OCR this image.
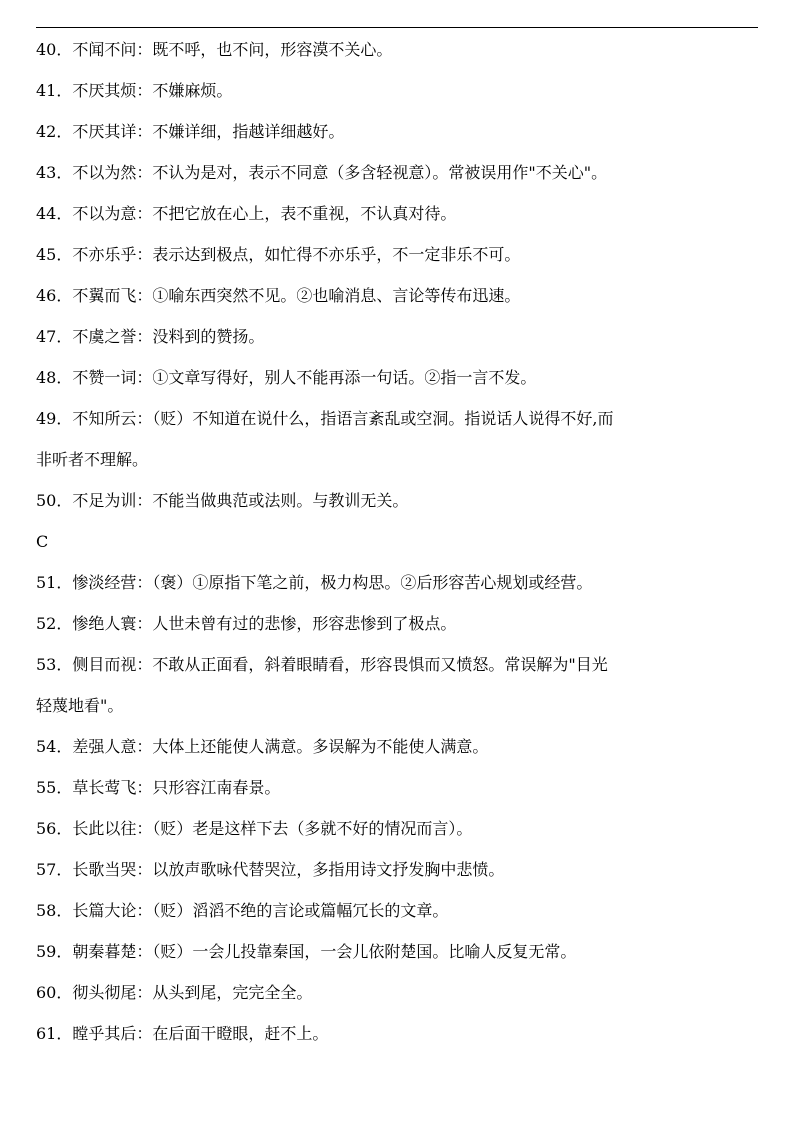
40．不闻不问：既不呼，也不问，形容漠不关心。
41．不厌其烦：不嫌麻烦。
42．不厌其详：不嫌详细，指越详细越好。
43．不以为然：不认为是对，表示不同意（多含轻视意）。常被误用作"不关心"。
44．不以为意：不把它放在心上，表不重视，不认真对待。
45．不亦乐乎：表示达到极点，如忙得不亦乐乎，不一定非乐不可。
46．不翼而飞：①喻东西突然不见。②也喻消息、言论等传布迅速。
47．不虞之誉：没料到的赞扬。
48．不赞一词：①文章写得好，别人不能再添一句话。②指一言不发。
49．不知所云：（贬）不知道在说什么，指语言紊乱或空洞。指说话人说得不好,而
非听者不理解。
50．不足为训：不能当做典范或法则。与教训无关。
C
51．惨淡经营：（褒）①原指下笔之前，极力构思。②后形容苦心规划或经营。
52．惨绝人寰：人世未曾有过的悲惨，形容悲惨到了极点。
53．侧目而视：不敢从正面看，斜着眼睛看，形容畏惧而又愤怒。常误解为"目光
轻蔑地看"。
54．差强人意：大体上还能使人满意。多误解为不能使人满意。
55．草长莺飞：只形容江南春景。
56．长此以往：（贬）老是这样下去（多就不好的情况而言）。
57．长歌当哭：以放声歌咏代替哭泣，多指用诗文抒发胸中悲愤。
58．长篇大论：（贬）滔滔不绝的言论或篇幅冗长的文章。
59．朝秦暮楚：（贬）一会儿投靠秦国，一会儿依附楚国。比喻人反复无常。
60．彻头彻尾：从头到尾，完完全全。
61．瞠乎其后：在后面干瞪眼，赶不上。
